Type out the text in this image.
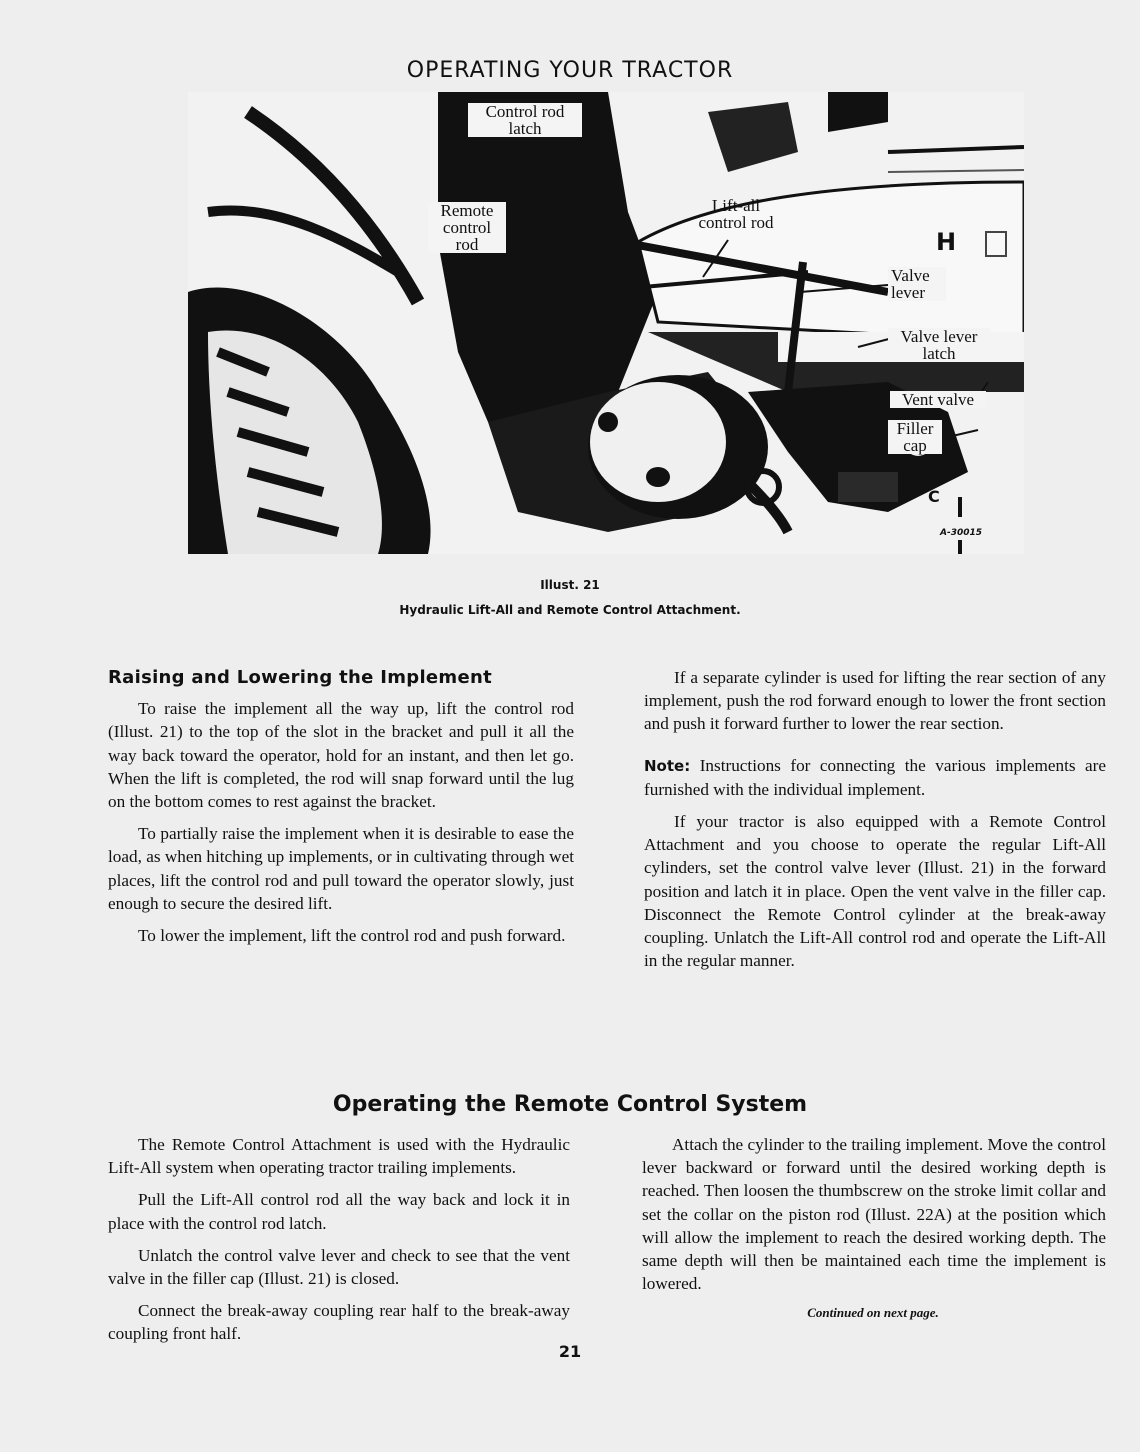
OPERATING YOUR TRACTOR
C
Control rod
latch
Remote
control
rod
Lift-all
control rod
H
Valve
lever
Valve lever
latch
Vent valve
Filler
cap
A-30015
Illust. 21
Hydraulic Lift-All and Remote Control Attachment.
Raising and Lowering the Implement

To raise the implement all the way up, lift the control rod (Illust. 21) to the top of the slot in the bracket and pull it all the way back toward the operator, hold for an instant, and then let go. When the lift is completed, the rod will snap forward until the lug on the bottom comes to rest against the bracket.

To partially raise the implement when it is desirable to ease the load, as when hitching up implements, or in cultivating through wet places, lift the control rod and pull toward the operator slowly, just enough to secure the desired lift.

To lower the implement, lift the control rod and push forward.

If a separate cylinder is used for lifting the rear section of any implement, push the rod forward enough to lower the front section and push it forward further to lower the rear section.

Note: Instructions for connecting the various implements are furnished with the individual implement.

If your tractor is also equipped with a Remote Control Attachment and you choose to operate the regular Lift-All cylinders, set the control valve lever (Illust. 21) in the forward position and latch it in place. Open the vent valve in the filler cap. Disconnect the Remote Control cylinder at the break-away coupling. Unlatch the Lift-All control rod and operate the Lift-All in the regular manner.

Operating the Remote Control System

The Remote Control Attachment is used with the Hydraulic Lift-All system when operating tractor trailing implements.

Pull the Lift-All control rod all the way back and lock it in place with the control rod latch.

Unlatch the control valve lever and check to see that the vent valve in the filler cap (Illust. 21) is closed.

Connect the break-away coupling rear half to the break-away coupling front half.

Attach the cylinder to the trailing implement. Move the control lever backward or forward until the desired working depth is reached. Then loosen the thumbscrew on the stroke limit collar and set the collar on the piston rod (Illust. 22A) at the position which will allow the implement to reach the desired working depth. The same depth will then be maintained each time the implement is lowered.

Continued on next page.
21
